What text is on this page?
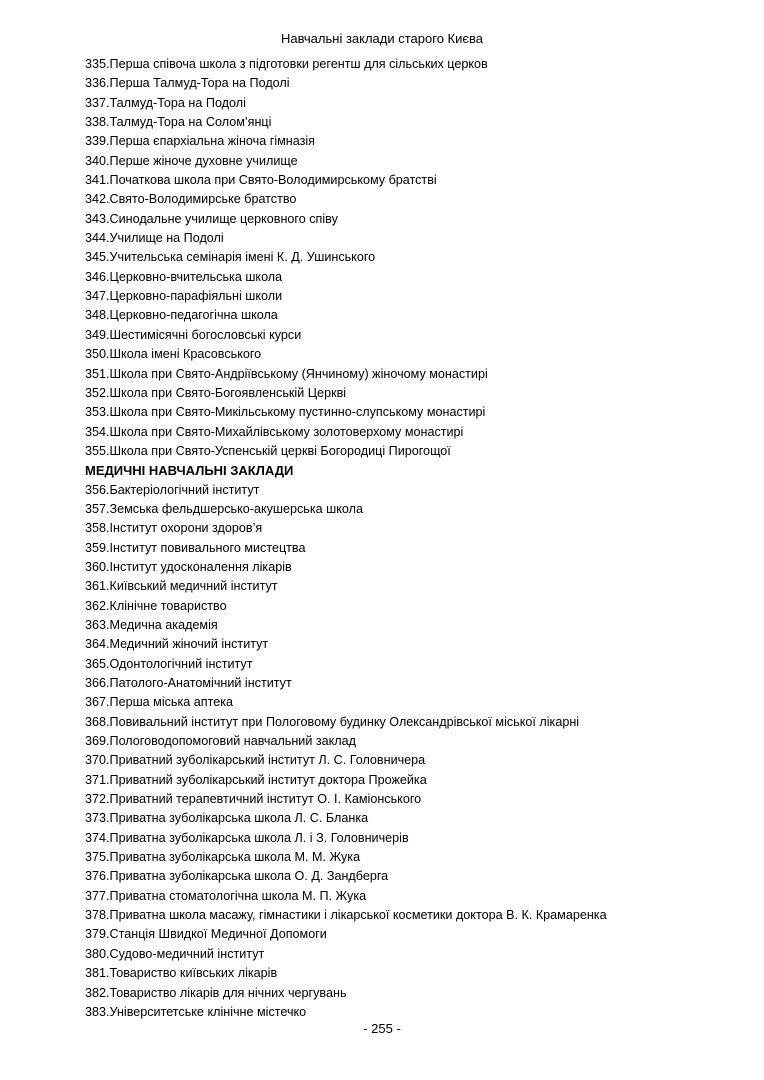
Навчальні заклади старого Києва
335.Перша співоча школа з підготовки регентш для сільських церков
336.Перша Талмуд-Тора на Подолі
337.Талмуд-Тора на Подолі
338.Талмуд-Тора на Солом’янці
339.Перша єпархіальна жіноча гімназія
340.Перше жіноче духовне училище
341.Початкова школа при Свято-Володимирському братстві
342.Свято-Володимирське братство
343.Синодальне училище церковного співу
344.Училище на Подолі
345.Учительська семінарія імені К. Д. Ушинського
346.Церковно-вчительська школа
347.Церковно-парафіяльні школи
348.Церковно-педагогічна школа
349.Шестимісячні богословські курси
350.Школа імені Красовського
351.Школа при Свято-Андріївському (Янчиному) жіночому монастирі
352.Школа при Свято-Богоявленській Церкві
353.Школа при Свято-Микільському пустинно-слупському монастирі
354.Школа при Свято-Михайлівському золотоверхому монастирі
355.Школа при Свято-Успенській церкві Богородиці Пирогощої
МЕДИЧНІ НАВЧАЛЬНІ ЗАКЛАДИ
356.Бактеріологічний інститут
357.Земська фельдшерсько-акушерська школа
358.Інститут охорони здоров’я
359.Інститут повивального мистецтва
360.Інститут удосконалення лікарів
361.Київський медичний інститут
362.Клінічне товариство
363.Медична академія
364.Медичний жіночий інститут
365.Одонтологічний інститут
366.Патолого-Анатомічний інститут
367.Перша міська аптека
368.Повивальний інститут при Пологовому будинку Олександрівської міської лікарні
369.Пологоводопомоговий навчальний заклад
370.Приватний зуболікарський інститут Л. С. Головничера
371.Приватний зуболікарський інститут доктора Прожейка
372.Приватний терапевтичний інститут О. І. Каміонського
373.Приватна зуболікарська школа Л. С. Бланка
374.Приватна зуболікарська школа Л. і З. Головничерів
375.Приватна зуболікарська школа М. М. Жука
376.Приватна зуболікарська школа О. Д. Зандберга
377.Приватна стоматологічна школа М. П. Жука
378.Приватна школа масажу, гімнастики і лікарської косметики доктора В. К. Крамаренка
379.Станція Швидкої Медичної Допомоги
380.Судово-медичний інститут
381.Товариство київських лікарів
382.Товариство лікарів для нічних чергувань
383.Університетське клінічне містечко
- 255 -
